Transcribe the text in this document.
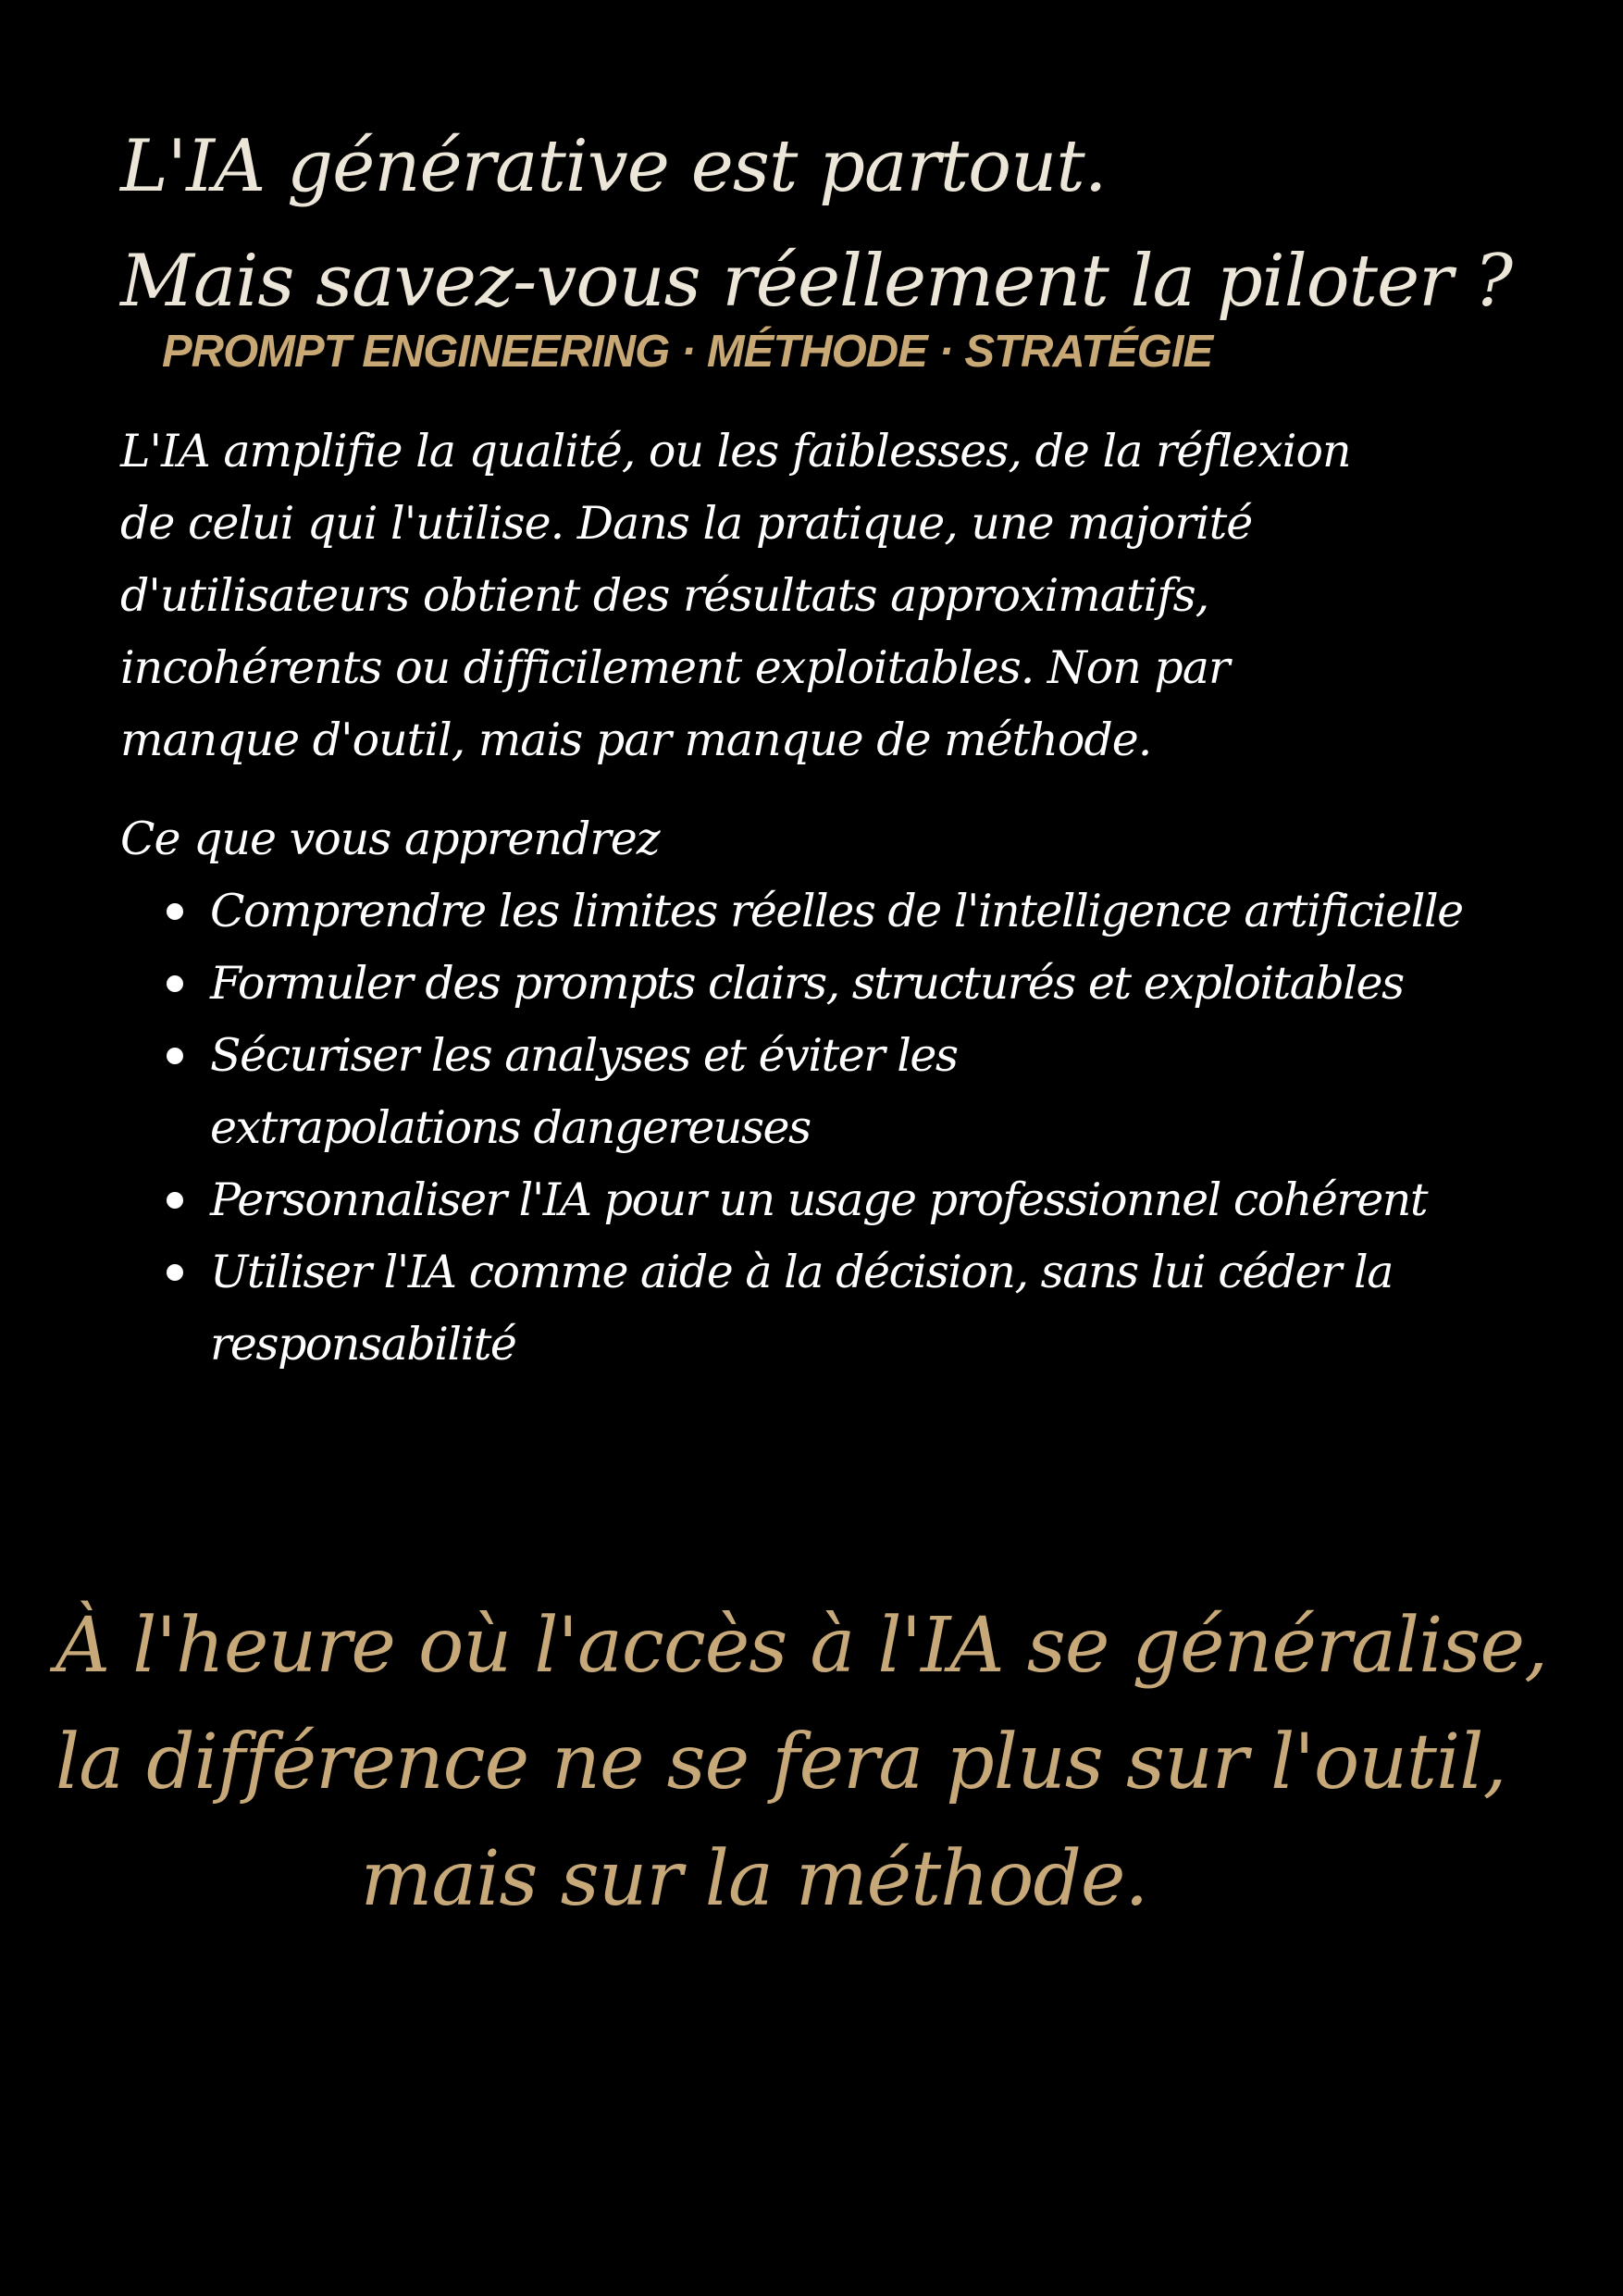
L'IA générative est partout.
Mais savez-vous réellement la piloter ?

PROMPT ENGINEERING · MÉTHODE · STRATÉGIE

L'IA amplifie la qualité, ou les faiblesses, de la réflexion
de celui qui l'utilise. Dans la pratique, une majorité
d'utilisateurs obtient des résultats approximatifs,
incohérents ou difficilement exploitables. Non par
manque d'outil, mais par manque de méthode.
Ce que vous apprendrez
Comprendre les limites réelles de l'intelligence artificielle
Formuler des prompts clairs, structurés et exploitables
Sécuriser les analyses et éviter les extrapolations dangereuses
Personnaliser l'IA pour un usage professionnel cohérent
Utiliser l'IA comme aide à la décision, sans lui céder la responsabilité
À l'heure où l'accès à l'IA se généralise,
la différence ne se fera plus sur l'outil,
mais sur la méthode.
